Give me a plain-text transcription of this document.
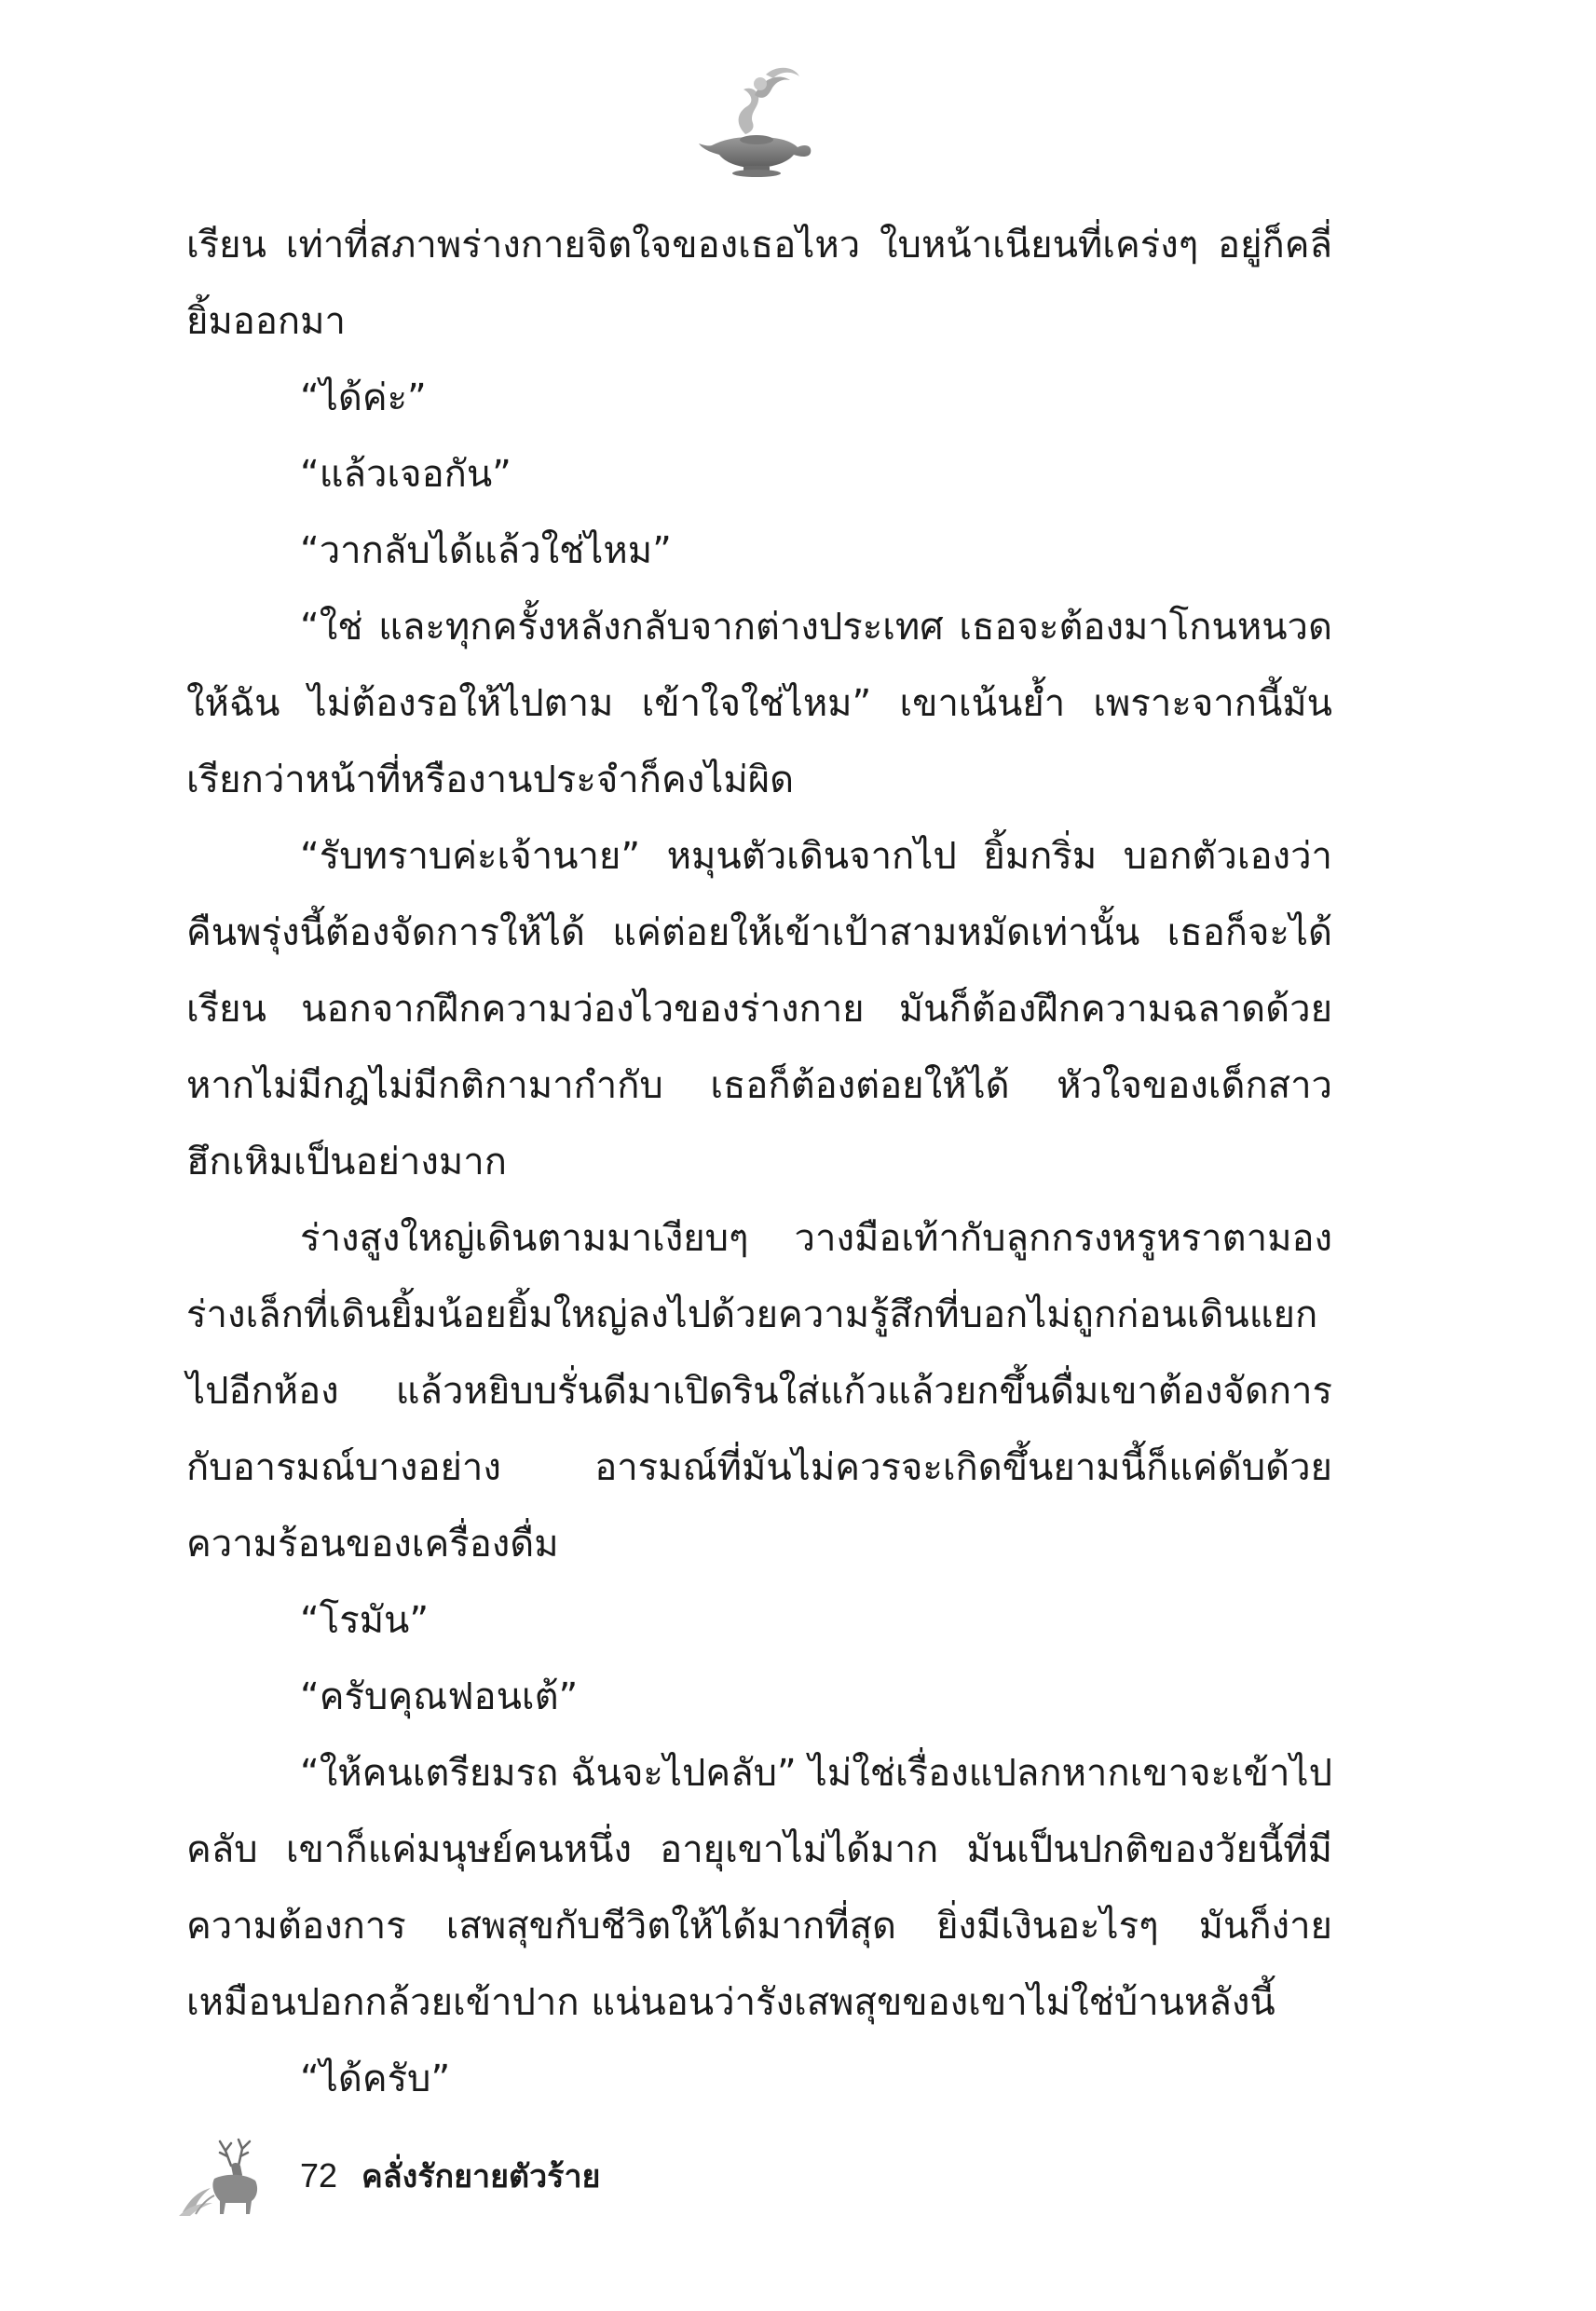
เรียน เท่าที่สภาพร่างกายจิตใจของเธอไหว ใบหน้าเนียนที่เคร่งๆ อยู่ก็คลี่ยิ้มออกมา

“ได้ค่ะ”

“แล้วเจอกัน”

“วากลับได้แล้วใช่ไหม”

“ใช่ และทุกครั้งหลังกลับจากต่างประเทศ เธอจะต้องมาโกนหนวดให้ฉัน ไม่ต้องรอให้ไปตาม เข้าใจใช่ไหม” เขาเน้นย้ำ เพราะจากนี้มันเรียกว่าหน้าที่หรืองานประจำก็คงไม่ผิด

“รับทราบค่ะเจ้านาย” หมุนตัวเดินจากไป ยิ้มกริ่ม บอกตัวเองว่าคืนพรุ่งนี้ต้องจัดการให้ได้ แค่ต่อยให้เข้าเป้าสามหมัดเท่านั้น เธอก็จะได้เรียน นอกจากฝึกความว่องไวของร่างกาย มันก็ต้องฝึกความฉลาดด้วย หากไม่มีกฎไม่มีกติกามากำกับ เธอก็ต้องต่อยให้ได้ หัวใจของเด็กสาวฮึกเหิมเป็นอย่างมาก

ร่างสูงใหญ่เดินตามมาเงียบๆ วางมือเท้ากับลูกกรงหรูหราตามองร่างเล็กที่เดินยิ้มน้อยยิ้มใหญ่ลงไปด้วยความรู้สึกที่บอกไม่ถูกก่อนเดินแยกไปอีกห้อง แล้วหยิบบรั่นดีมาเปิดรินใส่แก้วแล้วยกขึ้นดื่มเขาต้องจัดการกับอารมณ์บางอย่าง อารมณ์ที่มันไม่ควรจะเกิดขึ้นยามนี้ก็แค่ดับด้วยความร้อนของเครื่องดื่ม

“โรมัน”

“ครับคุณฟอนเต้”

“ให้คนเตรียมรถ ฉันจะไปคลับ” ไม่ใช่เรื่องแปลกหากเขาจะเข้าไปคลับ เขาก็แค่มนุษย์คนหนึ่ง อายุเขาไม่ได้มาก มันเป็นปกติของวัยนี้ที่มีความต้องการ เสพสุขกับชีวิตให้ได้มากที่สุด ยิ่งมีเงินอะไรๆ มันก็ง่ายเหมือนปอกกล้วยเข้าปาก แน่นอนว่ารังเสพสุขของเขาไม่ใช่บ้านหลังนี้

“ได้ครับ”

72 คลั่งรักยายตัวร้าย
